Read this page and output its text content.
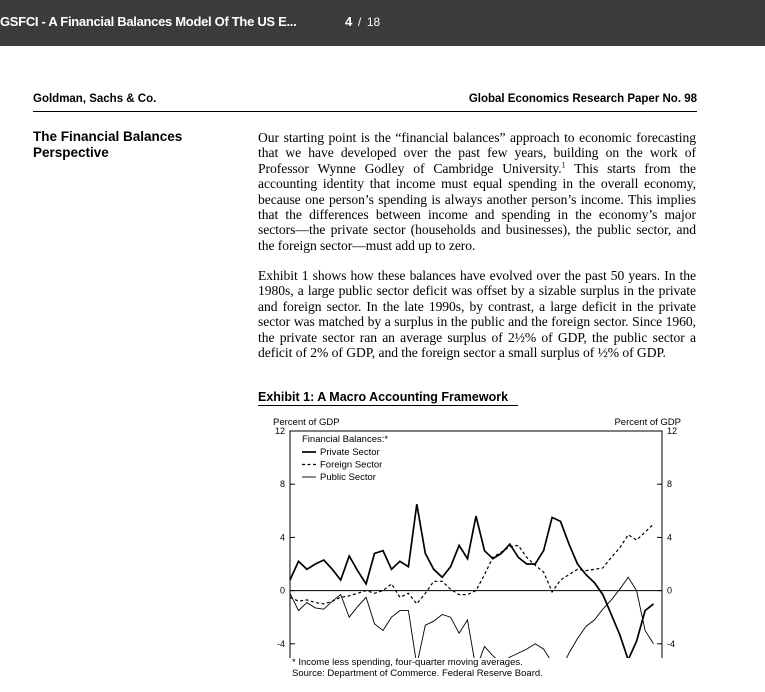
GSFCI - A Financial Balances Model Of The US E...	4 / 18
Goldman, Sachs & Co.	Global Economics Research Paper No. 98
The Financial Balances Perspective
Our starting point is the “financial balances” approach to economic forecasting that we have developed over the past few years, building on the work of Professor Wynne Godley of Cambridge University.$^1$ This starts from the accounting identity that income must equal spending in the overall economy, because one person’s spending is always another person’s income. This implies that the differences between income and spending in the economy’s major sectors—the private sector (households and businesses), the public sector, and the foreign sector—must add up to zero.
Exhibit 1 shows how these balances have evolved over the past 50 years. In the 1980s, a large public sector deficit was offset by a sizable surplus in the private and foreign sector. In the late 1990s, by contrast, a large deficit in the private sector was matched by a surplus in the public and the foreign sector. Since 1960, the private sector ran an average surplus of 2½% of GDP, the public sector a deficit of 2% of GDP, and the foreign sector a small surplus of ½% of GDP.
Exhibit 1: A Macro Accounting Framework
Percent of GDP	Percent of GDP
12
8
4
0
-4
12
8
4
0
-4
Financial Balances:*
Private Sector
Foreign Sector
Public Sector
* Income less spending, four-quarter moving averages.
Source: Department of Commerce. Federal Reserve Board.
